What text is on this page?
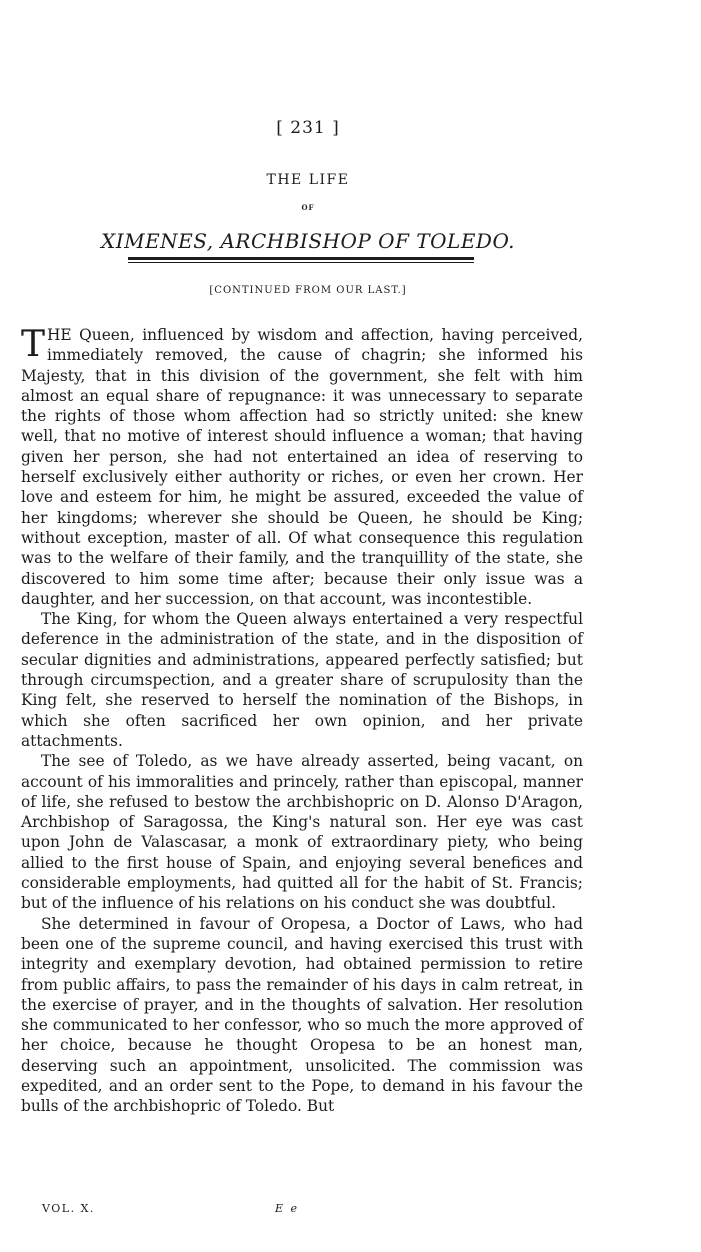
[ 231 ]
THE LIFE
OF
XIMENES, ARCHBISHOP OF TOLEDO.
[CONTINUED FROM OUR LAST.]

THE Queen, influenced by wisdom and affection, having perceived, immediately removed, the cause of chagrin; she informed his Majesty, that in this division of the government, she felt with him almost an equal share of repugnance: it was unnecessary to separate the rights of those whom affection had so strictly united: she knew well, that no motive of interest should influence a woman; that having given her person, she had not entertained an idea of reserving to herself exclusively either authority or riches, or even her crown. Her love and esteem for him, he might be assured, exceeded the value of her kingdoms; wherever she should be Queen, he should be King; without exception, master of all. Of what consequence this regulation was to the welfare of their family, and the tranquillity of the state, she discovered to him some time after; because their only issue was a daughter, and her succession, on that account, was incontestible.

The King, for whom the Queen always entertained a very respectful deference in the administration of the state, and in the disposition of secular dignities and administrations, appeared perfectly satisfied; but through circumspection, and a greater share of scrupulosity than the King felt, she reserved to herself the nomination of the Bishops, in which she often sacrificed her own opinion, and her private attachments.

The see of Toledo, as we have already asserted, being vacant, on account of his immoralities and princely, rather than episcopal, manner of life, she refused to bestow the archbishopric on D. Alonso D'Aragon, Archbishop of Saragossa, the King's natural son. Her eye was cast upon John de Valascasar, a monk of extraordinary piety, who being allied to the first house of Spain, and enjoying several benefices and considerable employments, had quitted all for the habit of St. Francis; but of the influence of his relations on his conduct she was doubtful.

She determined in favour of Oropesa, a Doctor of Laws, who had been one of the supreme council, and having exercised this trust with integrity and exemplary devotion, had obtained permission to retire from public affairs, to pass the remainder of his days in calm retreat, in the exercise of prayer, and in the thoughts of salvation. Her resolution she communicated to her confessor, who so much the more approved of her choice, because he thought Oropesa to be an honest man, deserving such an appointment, unsolicited. The commission was expedited, and an order sent to the Pope, to demand in his favour the bulls of the archbishopric of Toledo. But

VOL. X.	E e
